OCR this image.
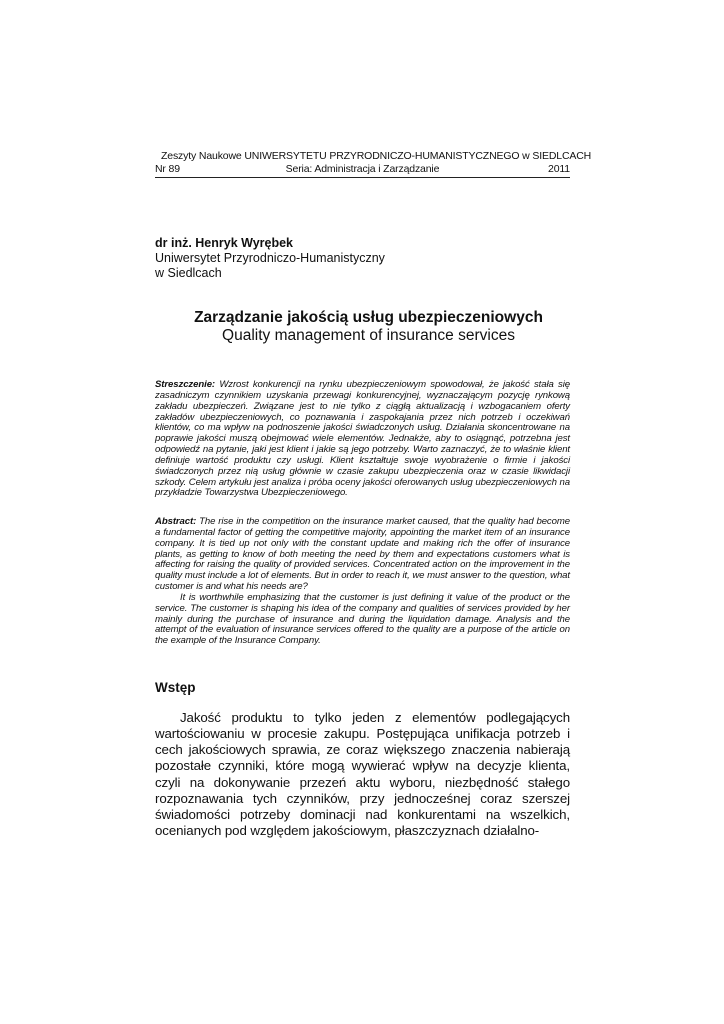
Zeszyty Naukowe UNIWERSYTETU PRZYRODNICZO-HUMANISTYCZNEGO w SIEDLCACH
Seria: Administracja i Zarządzanie
Nr 89	2011
dr inż. Henryk Wyrębek
Uniwersytet Przyrodniczo-Humanistyczny
w Siedlcach
Zarządzanie jakością usług ubezpieczeniowych
Quality management of insurance services

Streszczenie: Wzrost konkurencji na rynku ubezpieczeniowym spowodował, że jakość stała się zasadniczym czynnikiem uzyskania przewagi konkurencyjnej, wyznaczającym pozycję rynkową zakładu ubezpieczeń. Związane jest to nie tylko z ciągłą aktualizacją i wzbogacaniem oferty zakładów ubezpieczeniowych, co poznawania i zaspokajania przez nich potrzeb i oczekiwań klientów, co ma wpływ na podnoszenie jakości świadczonych usług. Działania skoncentrowane na poprawie jakości muszą obejmować wiele elementów. Jednakże, aby to osiągnąć, potrzebna jest odpowiedź na pytanie, jaki jest klient i jakie są jego potrzeby. Warto zaznaczyć, że to właśnie klient definiuje wartość produktu czy usługi. Klient kształtuje swoje wyobrażenie o firmie i jakości świadczonych przez nią usług głównie w czasie zakupu ubezpieczenia oraz w czasie likwidacji szkody. Celem artykułu jest analiza i próba oceny jakości oferowanych usług ubezpieczeniowych na przykładzie Towarzystwa Ubezpieczeniowego.

Abstract: The rise in the competition on the insurance market caused, that the quality had become a fundamental factor of getting the competitive majority, appointing the market item of an insurance company. It is tied up not only with the constant update and making rich the offer of insurance plants, as getting to know of both meeting the need by them and expectations customers what is affecting for raising the quality of provided services. Concentrated action on the improvement in the quality must include a lot of elements. But in order to reach it, we must answer to the question, what customer is and what his needs are?

It is worthwhile emphasizing that the customer is just defining it value of the product or the service. The customer is shaping his idea of the company and qualities of services provided by her mainly during the purchase of insurance and during the liquidation damage. Analysis and the attempt of the evaluation of insurance services offered to the quality are a purpose of the article on the example of the Insurance Company.

Wstęp

Jakość produktu to tylko jeden z elementów podlegających wartościowaniu w procesie zakupu. Postępująca unifikacja potrzeb i cech jakościowych sprawia, ze coraz większego znaczenia nabierają pozostałe czynniki, które mogą wywierać wpływ na decyzje klienta, czyli na dokonywanie przezeń aktu wyboru, niezbędność stałego rozpoznawania tych czynników, przy jednocześnej coraz szerszej świadomości potrzeby dominacji nad konkurentami na wszelkich, ocenianych pod względem jakościowym, płaszczyznach działalno-
